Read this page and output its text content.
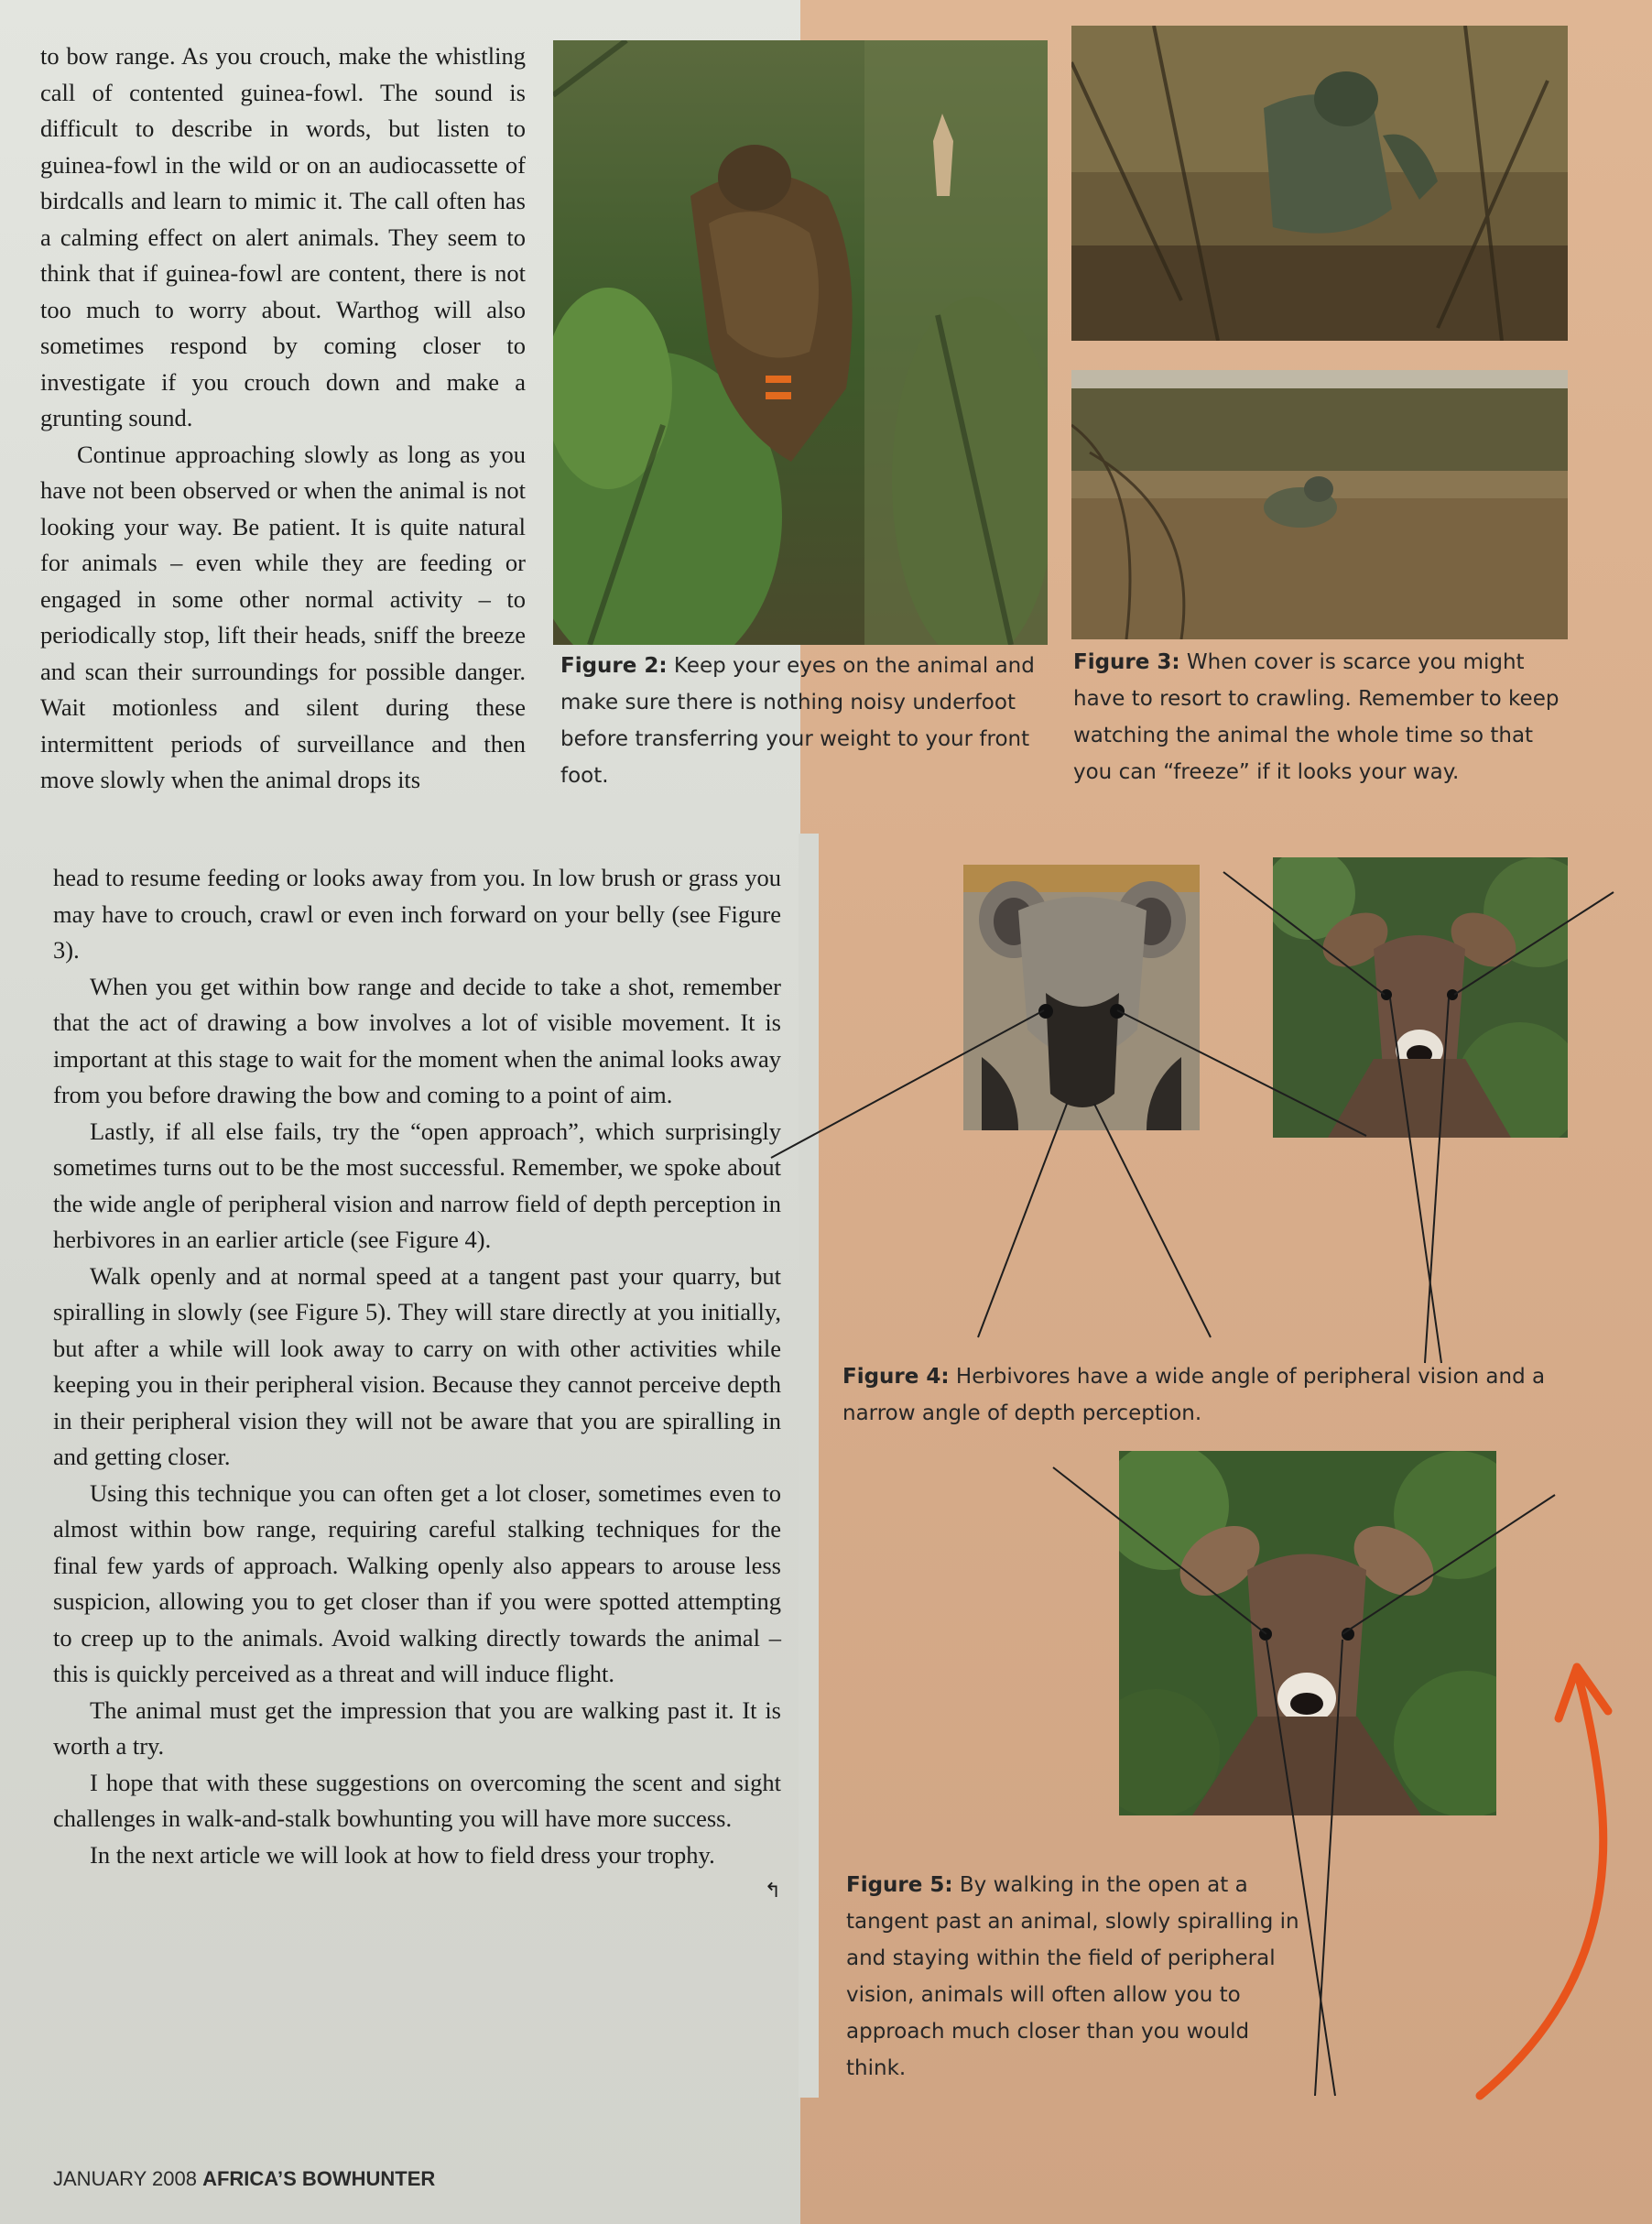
to bow range. As you crouch, make the whistling call of contented guinea-fowl. The sound is difficult to describe in words, but listen to guinea-fowl in the wild or on an audiocassette of birdcalls and learn to mimic it. The call often has a calming effect on alert animals. They seem to think that if guinea-fowl are content, there is not too much to worry about. Warthog will also sometimes respond by coming closer to investigate if you crouch down and make a grunting sound.

Continue approaching slowly as long as you have not been observed or when the animal is not looking your way. Be patient. It is quite natural for animals – even while they are feeding or engaged in some other normal activity – to periodically stop, lift their heads, sniff the breeze and scan their surroundings for possible danger. Wait motionless and silent during these intermittent periods of surveillance and then move slowly when the animal drops its

head to resume feeding or looks away from you. In low brush or grass you may have to crouch, crawl or even inch forward on your belly (see Figure 3).

When you get within bow range and decide to take a shot, remember that the act of drawing a bow involves a lot of visible movement. It is important at this stage to wait for the moment when the animal looks away from you before drawing the bow and coming to a point of aim.

Lastly, if all else fails, try the “open approach”, which surprisingly sometimes turns out to be the most successful. Remember, we spoke about the wide angle of peripheral vision and narrow field of depth perception in herbivores in an earlier article (see Figure 4).

Walk openly and at normal speed at a tangent past your quarry, but spiralling in slowly (see Figure 5). They will stare directly at you initially, but after a while will look away to carry on with other activities while keeping you in their peripheral vision. Because they cannot perceive depth in their peripheral vision they will not be aware that you are spiralling in and getting closer.

Using this technique you can often get a lot closer, sometimes even to almost within bow range, requiring careful stalking techniques for the final few yards of approach. Walking openly also appears to arouse less suspicion, allowing you to get closer than if you were spotted attempting to creep up to the animals. Avoid walking directly towards the animal – this is quickly perceived as a threat and will induce flight.

The animal must get the impression that you are walking past it. It is worth a try.

I hope that with these suggestions on overcoming the scent and sight challenges in walk-and-stalk bowhunting you will have more success.

In the next article we will look at how to field dress your trophy.

↰
Figure 2: Keep your eyes on the animal and make sure there is nothing noisy underfoot before transferring your weight to your front foot.
Figure 3: When cover is scarce you might have to resort to crawling. Remember to keep watching the animal the whole time so that you can “freeze” if it looks your way.
Figure 4: Herbivores have a wide angle of peripheral vision and a narrow angle of depth perception.
Figure 5: By walking in the open at a tangent past an animal, slowly spiralling in and staying within the field of peripheral vision, animals will often allow you to approach much closer than you would think.
JANUARY 2008 AFRICA’S BOWHUNTER
